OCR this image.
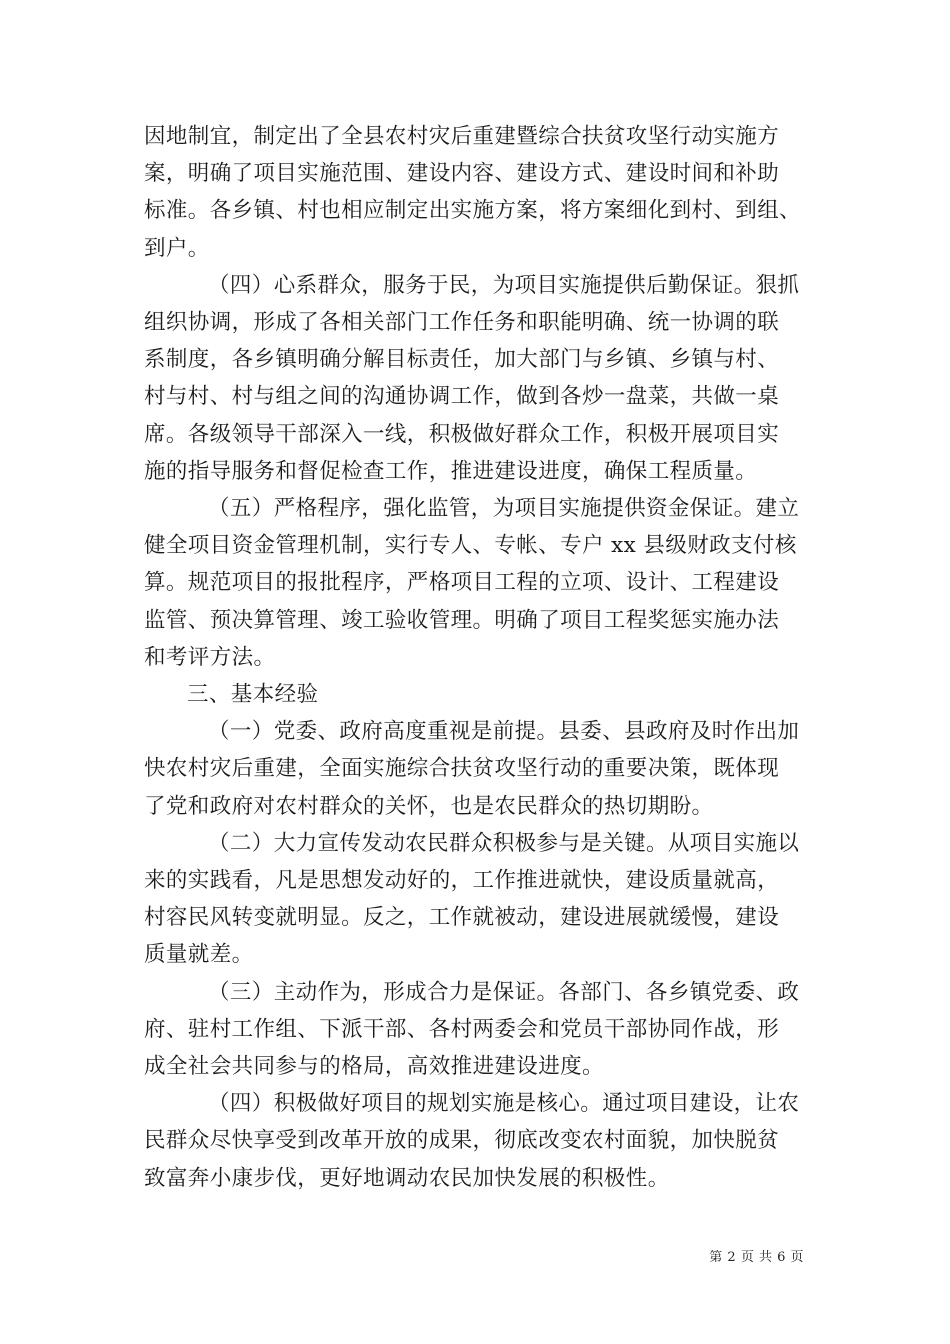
因地制宜，制定出了全县农村灾后重建暨综合扶贫攻坚行动实施方
案，明确了项目实施范围、建设内容、建设方式、建设时间和补助
标准。各乡镇、村也相应制定出实施方案，将方案细化到村、到组、
到户。

（四）心系群众，服务于民，为项目实施提供后勤保证。狠抓
组织协调，形成了各相关部门工作任务和职能明确、统一协调的联
系制度，各乡镇明确分解目标责任，加大部门与乡镇、乡镇与村、
村与村、村与组之间的沟通协调工作，做到各炒一盘菜，共做一桌
席。各级领导干部深入一线，积极做好群众工作，积极开展项目实
施的指导服务和督促检查工作，推进建设进度，确保工程质量。

（五）严格程序，强化监管，为项目实施提供资金保证。建立
健全项目资金管理机制，实行专人、专帐、专户 xx 县级财政支付核
算。规范项目的报批程序，严格项目工程的立项、设计、工程建设
监管、预决算管理、竣工验收管理。明确了项目工程奖惩实施办法
和考评方法。

三、基本经验

（一）党委、政府高度重视是前提。县委、县政府及时作出加
快农村灾后重建，全面实施综合扶贫攻坚行动的重要决策，既体现
了党和政府对农村群众的关怀，也是农民群众的热切期盼。

（二）大力宣传发动农民群众积极参与是关键。从项目实施以
来的实践看，凡是思想发动好的，工作推进就快，建设质量就高，
村容民风转变就明显。反之，工作就被动，建设进展就缓慢，建设
质量就差。

（三）主动作为，形成合力是保证。各部门、各乡镇党委、政
府、驻村工作组、下派干部、各村两委会和党员干部协同作战，形
成全社会共同参与的格局，高效推进建设进度。

（四）积极做好项目的规划实施是核心。通过项目建设，让农
民群众尽快享受到改革开放的成果，彻底改变农村面貌，加快脱贫
致富奔小康步伐，更好地调动农民加快发展的积极性。

第 2 页 共 6 页
